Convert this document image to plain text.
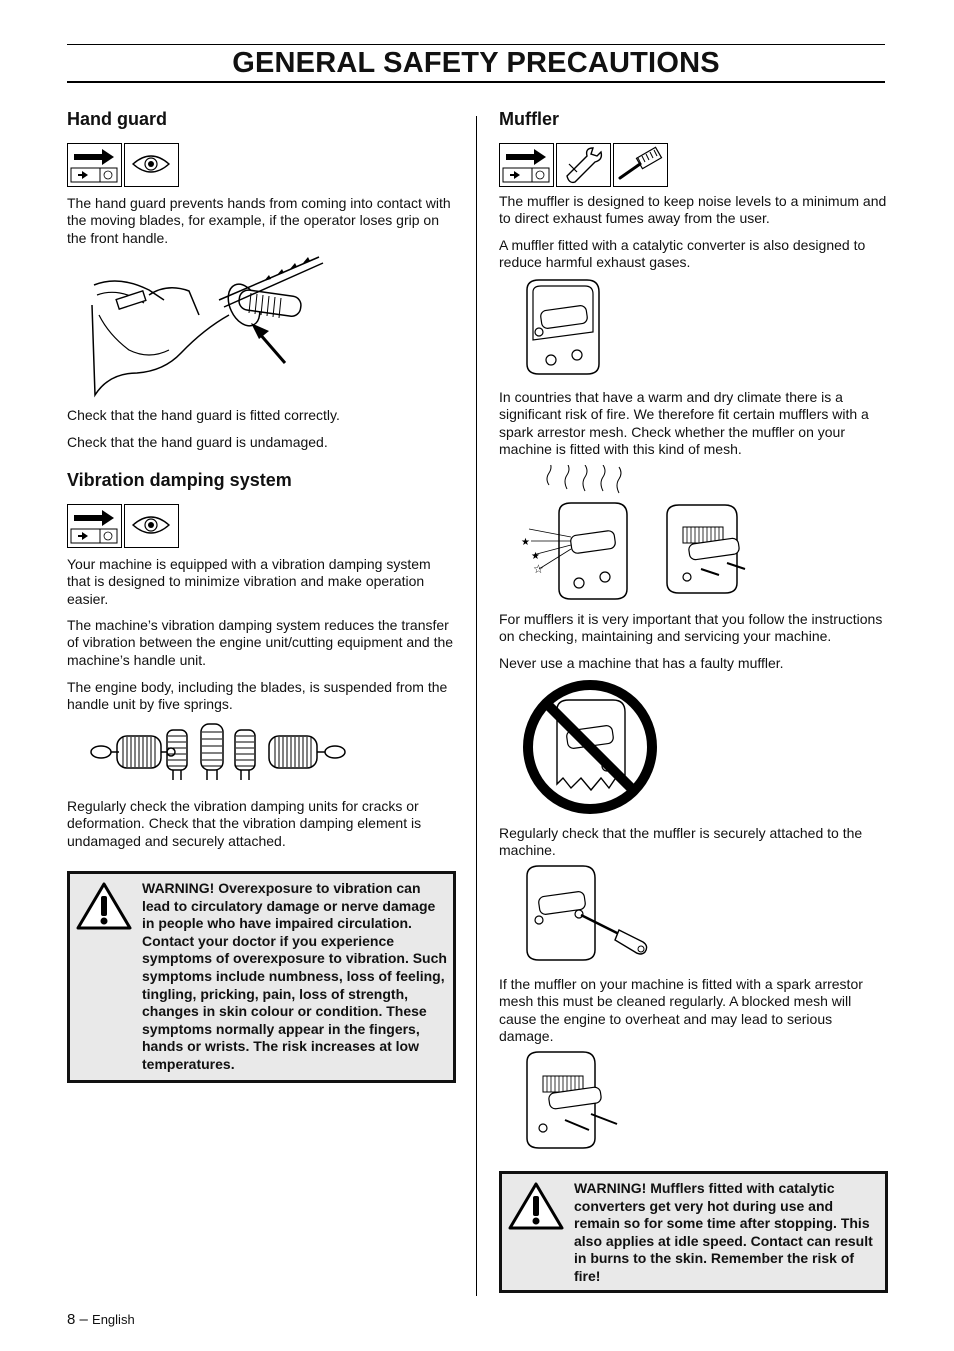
GENERAL SAFETY PRECAUTIONS
Hand guard

The hand guard prevents hands from coming into contact with the moving blades, for example, if the operator loses grip on the front handle.

Check that the hand guard is fitted correctly.

Check that the hand guard is undamaged.

Vibration damping system

Your machine is equipped with a vibration damping system that is designed to minimize vibration and make operation easier.

The machine’s vibration damping system reduces the transfer of vibration between the engine unit/cutting equipment and the machine’s handle unit.

The engine body, including the blades, is suspended from the handle unit by five springs.

Regularly check the vibration damping units for cracks or deformation. Check that the vibration damping element is undamaged and securely attached.

WARNING! Overexposure to vibration can lead to circulatory damage or nerve damage in people who have impaired circulation. Contact your doctor if you experience symptoms of overexposure to vibration. Such symptoms include numbness, loss of feeling, tingling, pricking, pain, loss of strength, changes in skin colour or condition. These symptoms normally appear in the fingers, hands or wrists. The risk increases at low temperatures.

Muffler

The muffler is designed to keep noise levels to a minimum and to direct exhaust fumes away from the user.

A muffler fitted with a catalytic converter is also designed to reduce harmful exhaust gases.

In countries that have a warm and dry climate there is a significant risk of fire. We therefore fit certain mufflers with a spark arrestor mesh. Check whether the muffler on your machine is fitted with this kind of mesh.

★
★
☆

For mufflers it is very important that you follow the instructions on checking, maintaining and servicing your machine.

Never use a machine that has a faulty muffler.

Regularly check that the muffler is securely attached to the machine.

If the muffler on your machine is fitted with a spark arrestor mesh this must be cleaned regularly. A blocked mesh will cause the engine to overheat and may lead to serious damage.

WARNING! Mufflers fitted with catalytic converters get very hot during use and remain so for some time after stopping. This also applies at idle speed. Contact can result in burns to the skin. Remember the risk of fire!

8 – English
